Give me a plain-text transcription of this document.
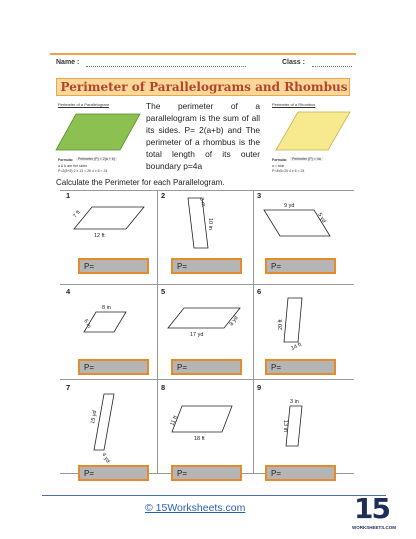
Name :	Class :
Perimeter of Parallelograms and Rhombus
Perimeter of a Parallelogram
Formula:	Perimeter (P) = 2(a + b)
a & b are the sides
P=2(8+5) 2 x 13 = 26 4 x 6 = 24
The perimeter of a parallelogram is the sum of all its sides. P= 2(a+b) and The perimeter of a rhombus is the total length of its outer boundary p=4a
Perimeter of a Rhombus
Formula:	Perimeter (P) = 4a
a = side
P=4x5=20 4 x 6 = 24
Calculate the Perimeter for each Parallelogram.
1
7 ft
12 ft
P=
2
3 m
10 in
P=
3
9 yd
5 yd
P=
4
8 in
6 in
P=
5
17 yd
8 yd
P=
6
20 ft
14 ft
P=
7
15 yd
4 yd
P=
8
11 ft
18 ft
P=
9
3 in
13 in
P=
© 15Worksheets.com	15
WORKSHEETS.COM
